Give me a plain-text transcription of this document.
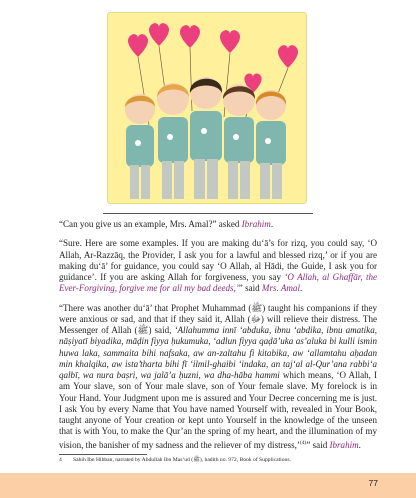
“Can you give us an example, Mrs. Amal?” asked Ibrahim.

“Sure. Here are some examples. If you are making du‘ā’s for rizq, you could say, ‘O Allah, Ar-Razzāq, the Provider, I ask you for a lawful and blessed rizq,’ or if you are making du‘ā’ for guidance, you could say ‘O Allah, al Hādi, the Guide, I ask you for guidance’. If you are asking Allah for forgiveness, you say ‘O Allah, al Ghaffār, the Ever-Forgiving, forgive me for all my bad deeds,’” said Mrs. Amal.

“There was another du‘ā’ that Prophet Muhammad (ﷺ) taught his companions if they were anxious or sad, and that if they said it, Allah (ﷻ) will relieve their distress. The Messenger of Allah (ﷺ) said, ‘Allahumma innī ‘abduka, ibnu ‘abdika, ibnu amatika, nāṣiyatī biyadika, māḍin fiyya ḥukumuka, ‘adlun fiyya qaḍā’uka as’aluka bi kulli ismin huwa laka, sammaita bihi nafsaka, aw an-zaltahu fi kitabika, aw ‘allamtahu aḥadan min khalqika, aw ista’tharta bihi fī ‘ilmil-ghaibi ‘indaka, an taj‘al al-Qur’ana rabbi‘a qalbī, wa nura baṣri, wa jalā’a ḥuzni, wa dha-hāba hammi which means, ‘O Allah, I am Your slave, son of Your male slave, son of Your female slave. My forelock is in Your Hand. Your Judgment upon me is assured and Your Decree concerning me is just. I ask You by every Name that You have named Yourself with, revealed in Your Book, taught anyone of Your creation or kept unto Yourself in the knowledge of the unseen that is with You, to make the Qur’an the spring of my heart, and the illumination of my vision, the banisher of my sadness and the reliever of my distress,’$^{(4)}$” said Ibrahim.

4 Sahih Ibn Hibban, narrated by Abdullah Ibn Mas‘ud (ﷺ), ḥadith no. 972, Book of Supplications.
77
